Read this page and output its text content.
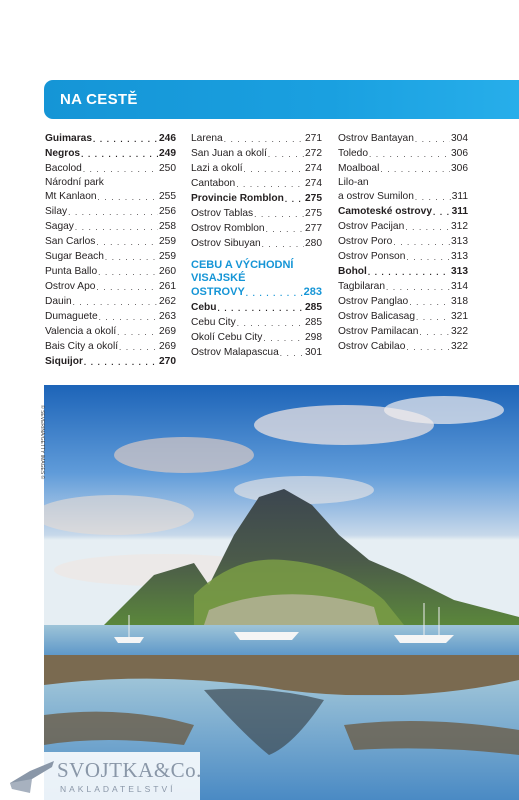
NA CESTĚ
Guimaras . . .	246
Negros . . .	249
Bacolod . . .	250
Národní park
Mt Kanlaon . . .	255
Silay . . .	256
Sagay . . .	258
San Carlos . . .	259
Sugar Beach . . .	259
Punta Ballo . . .	260
Ostrov Apo . . .	261
Dauin . . .	262
Dumaguete . . .	263
Valencia a okolí . . .	269
Bais City a okolí . . .	269
Siquijor . . .	270
Larena . . .	271
San Juan a okolí . . .	272
Lazi a okolí . . .	274
Cantabon . . .	274
Provincie Romblon . . . 275
Ostrov Tablas . . .	275
Ostrov Romblon . . .	277
Ostrov Sibuyan . . .	280
CEBU A VÝCHODNÍ
VISAJSKÉ
OSTROVY . . .	283
Cebu . . .	285
Cebu City . . .	285
Okolí Cebu City . . .	298
Ostrov Malapascua . . .	301
Ostrov Bantayan . . .	304
Toledo . . .	306
Moalboal . . .	306
Lilo-an
a ostrov Sumilon . . .	311
Camoteské ostrovy . . . 311
Ostrov Pacijan . . .	312
Ostrov Poro . . .	313
Ostrov Ponson . . .	313
Bohol . . .	313
Tagbilaran . . .	314
Ostrov Panglao . . .	318
Ostrov Balicasag . . .	321
Ostrov Pamilacan . . .	322
Ostrov Cabilao . . .	322
© SEVERINA/GETTY IMAGES ©
SVOJTKA&Co.
NAKLADATELSTVÍ
